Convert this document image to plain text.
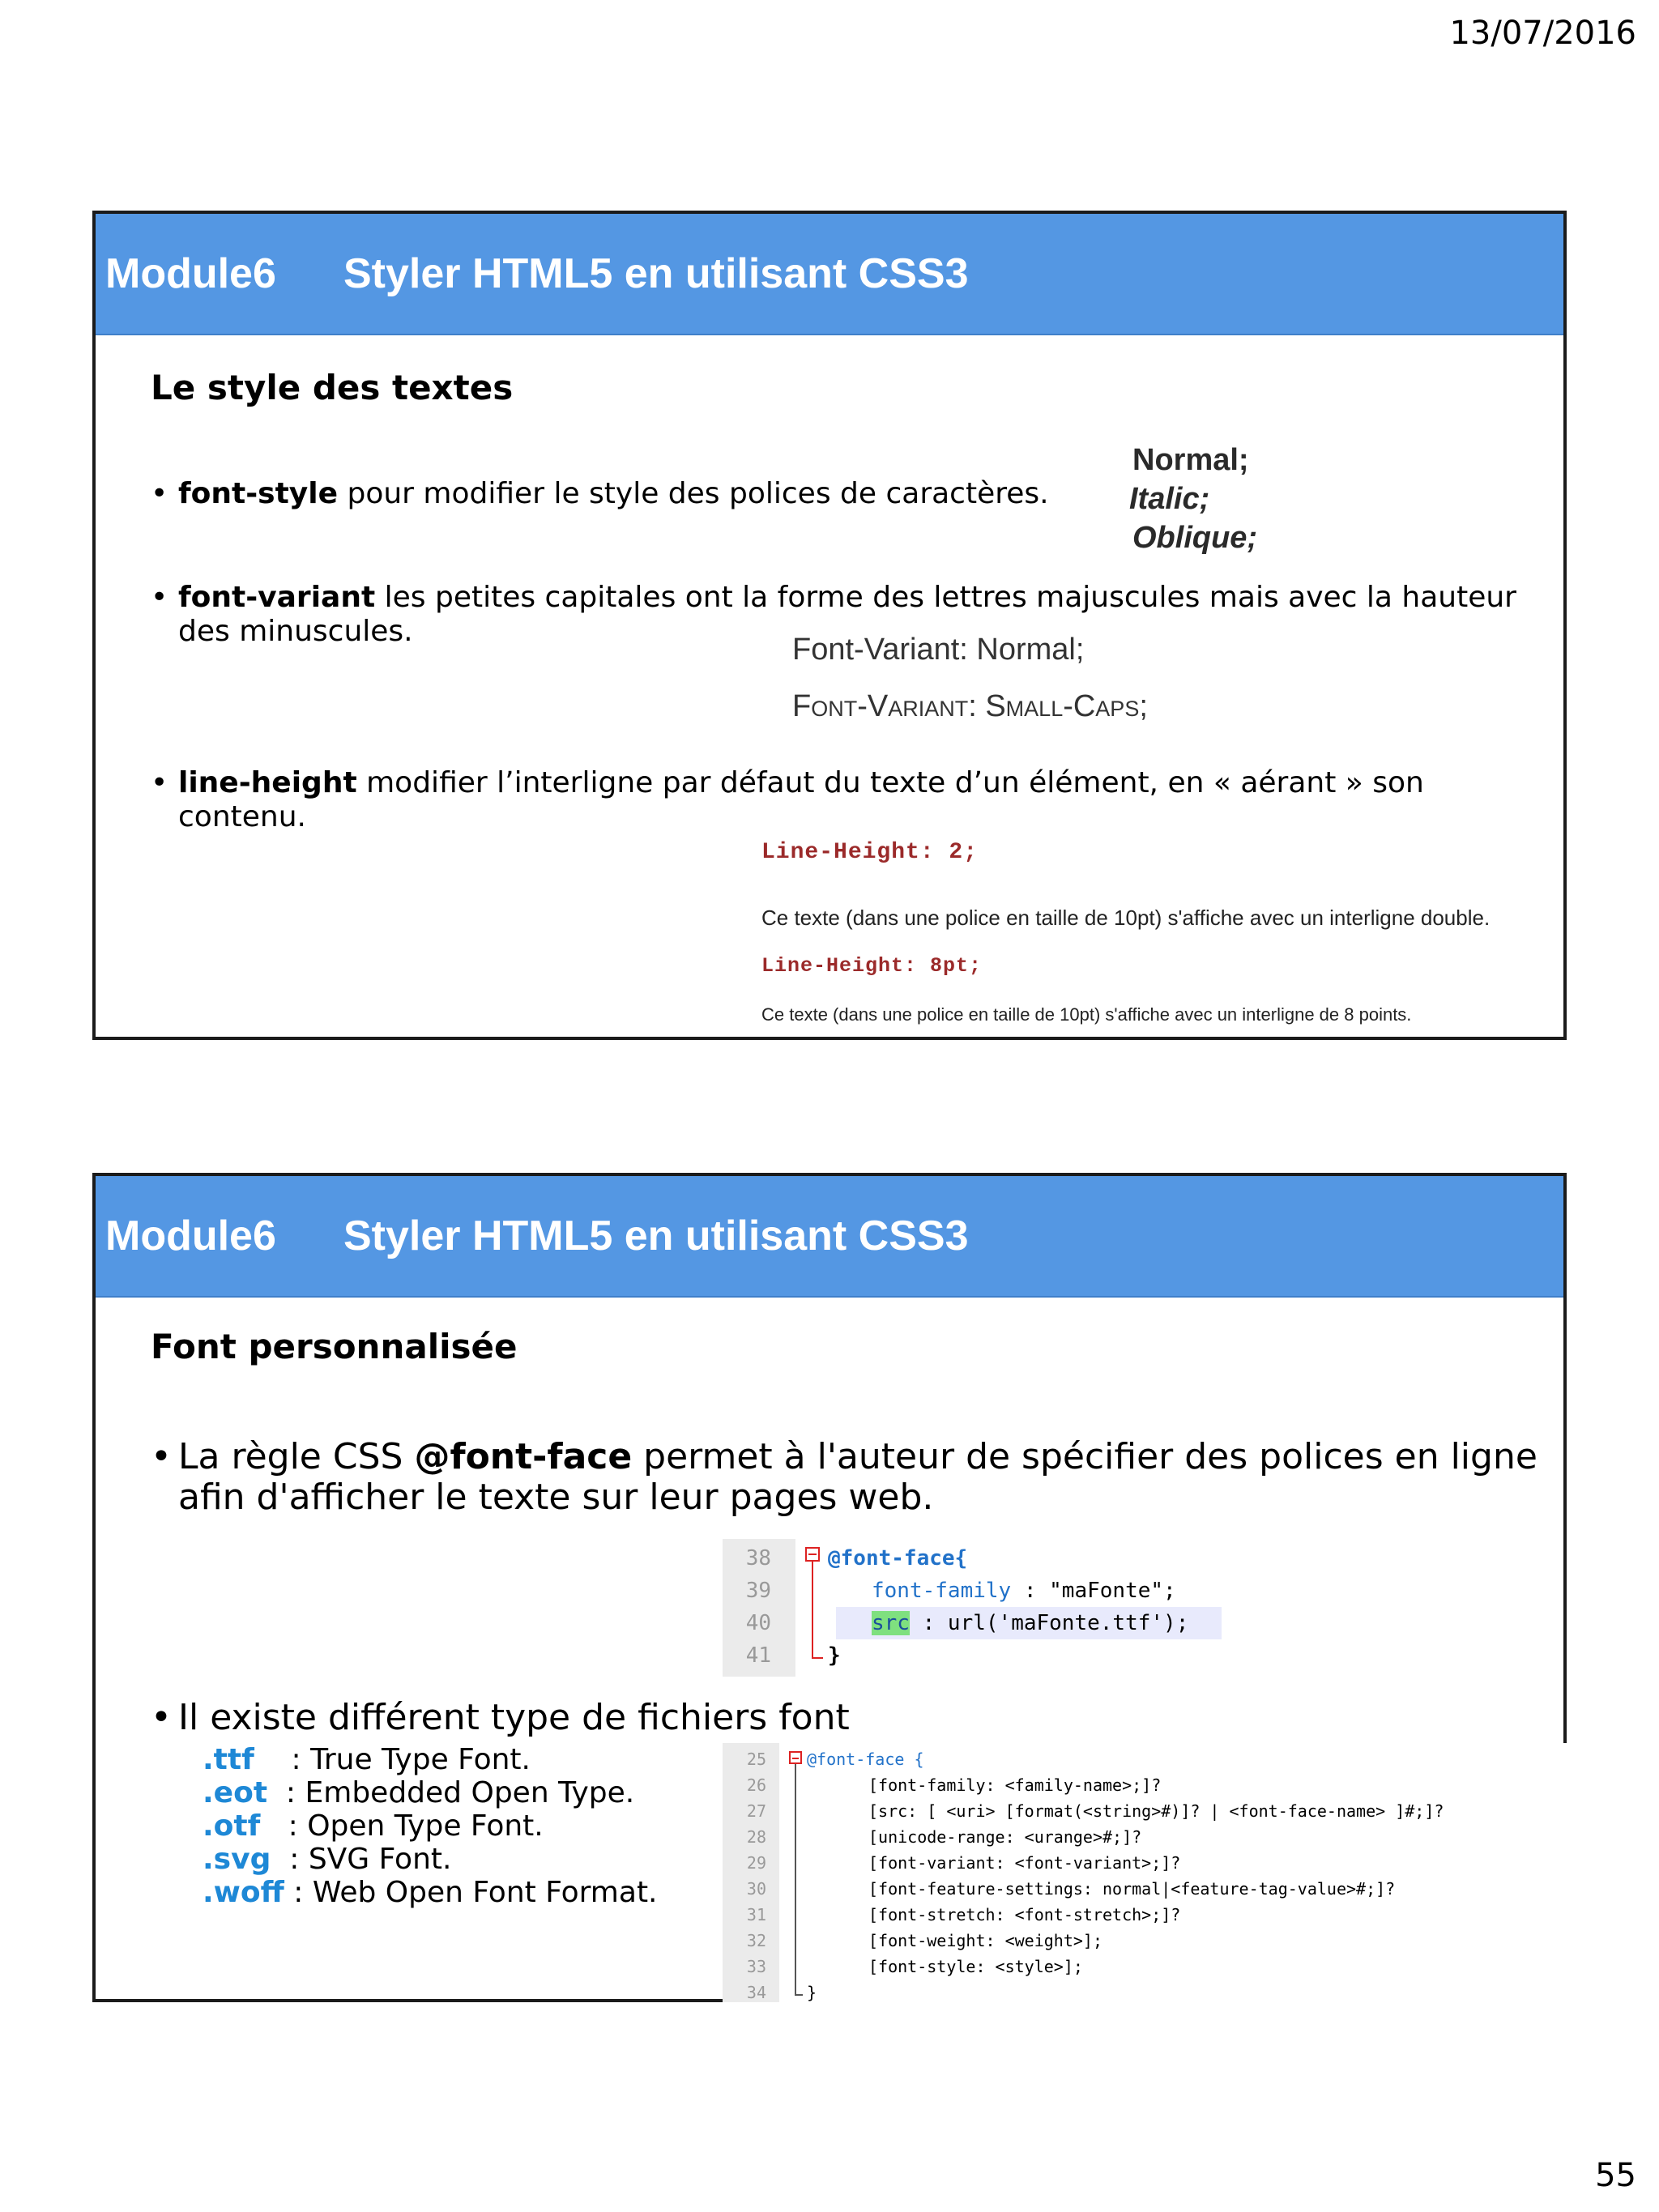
13/07/2016
Module6	Styler HTML5 en utilisant CSS3
Le style des textes
• font-style pour modifier le style des polices de caractères.
Normal;
Italic;
Oblique;
• font-variant les petites capitales ont la forme des lettres majuscules mais avec la hauteur des minuscules.
Font-Variant: Normal;
Font-Variant: Small-Caps;
• line-height modifier l’interligne par défaut du texte d’un élément, en « aérant » son contenu.
Line-Height: 2;
Ce texte (dans une police en taille de 10pt) s'affiche avec un interligne double.
Line-Height: 8pt;
Ce texte (dans une police en taille de 10pt) s'affiche avec un interligne de 8 points.
Module6	Styler HTML5 en utilisant CSS3
Font personnalisée
• La règle CSS @font-face permet à l'auteur de spécifier des polices en ligne afin d'afficher le texte sur leur pages web.
38
39
40
41
@font-face{
font-family : "maFonte";
src : url('maFonte.ttf');
}
• Il existe différent type de fichiers font
.ttf    : True Type Font.
.eot  : Embedded Open Type.
.otf   : Open Type Font.
.svg  : SVG Font.
.woff : Web Open Font Format.
25
26
27
28
29
30
31
32
33
34
@font-face {
[font-family: <family-name>;]?
[src: [ <uri> [format(<string>#)]? | <font-face-name> ]#;]?
[unicode-range: <urange>#;]?
[font-variant: <font-variant>;]?
[font-feature-settings: normal|<feature-tag-value>#;]?
[font-stretch: <font-stretch>;]?
[font-weight: <weight>];
[font-style: <style>];
}
55
